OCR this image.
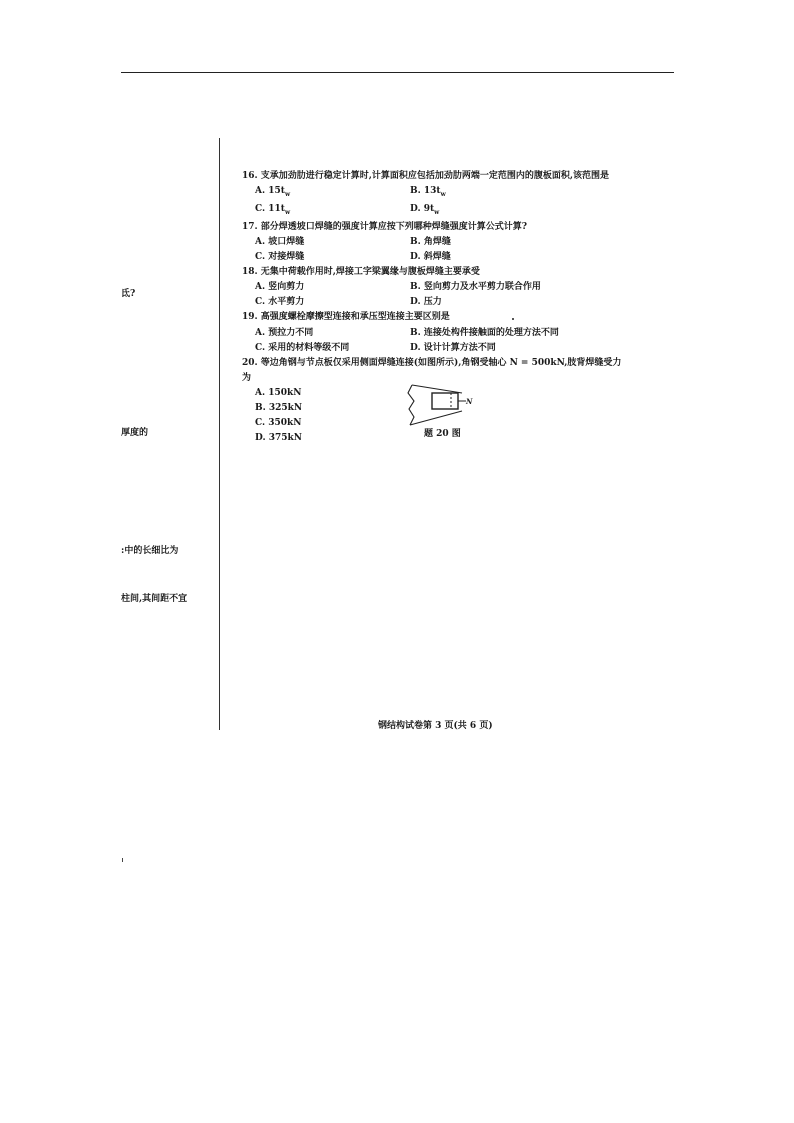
氐?
厚度的
:中的长细比为
柱间,其间距不宜
16. 支承加劲肋进行稳定计算时,计算面积应包括加劲肋两端一定范围内的腹板面积,该范围是
A. $15t_w$	B. $13t_w$
C. $11t_w$	D. $9t_w$
17. 部分焊透坡口焊缝的强度计算应按下列哪种焊缝强度计算公式计算?
A. 坡口焊缝	B. 角焊缝
C. 对接焊缝	D. 斜焊缝
18. 无集中荷载作用时,焊接工字梁翼缘与腹板焊缝主要承受
A. 竖向剪力	B. 竖向剪力及水平剪力联合作用
C. 水平剪力	D. 压力
19. 高强度螺栓摩擦型连接和承压型连接主要区别是
A. 预拉力不同	B. 连接处构件接触面的处理方法不同
C. 采用的材料等级不同	D. 设计计算方法不同
20. 等边角钢与节点板仅采用侧面焊缝连接(如图所示),角钢受轴心 N = 500kN,肢背焊缝受力为
A. 150kN
B. 325kN
C. 350kN
D. 375kN
N
题 20 图
钢结构试卷第 3 页(共 6 页)
